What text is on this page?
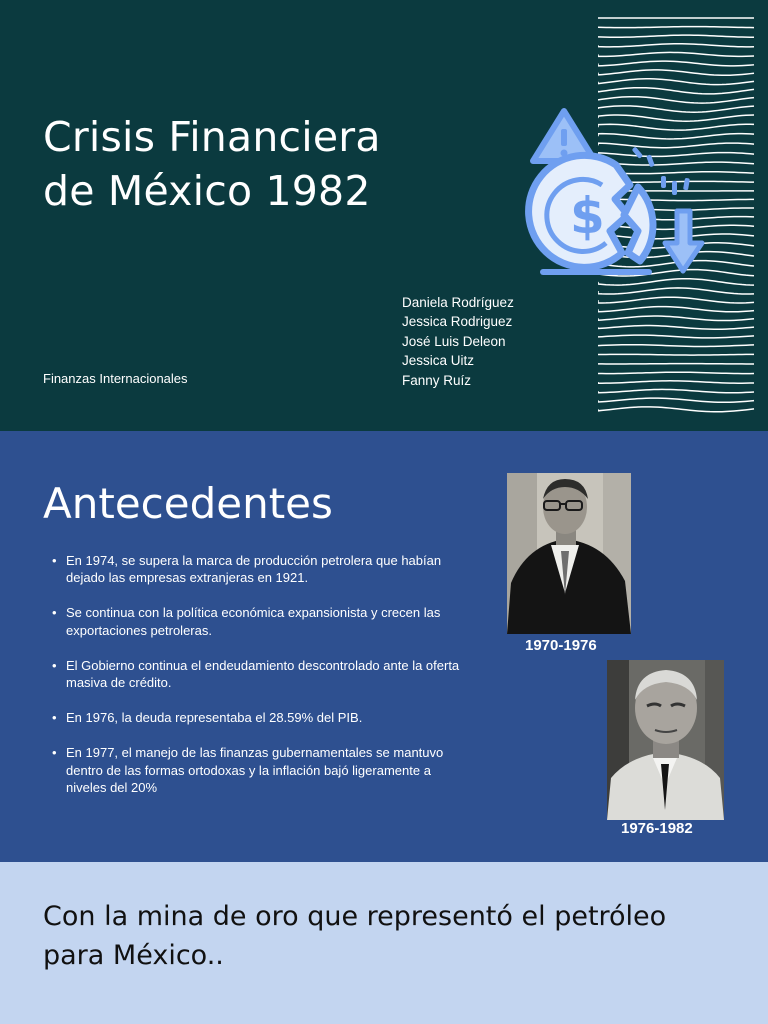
Crisis Financiera
de México 1982	$
Daniela Rodríguez
Jessica Rodriguez
José Luis Deleon
Jessica Uitz
Fanny Ruíz
Finanzas Internacionales
Antecedentes
• En 1974, se supera la marca de producción petrolera que habían dejado las empresas extranjeras en 1921.
• Se continua con la política económica expansionista y crecen las exportaciones petroleras.
• El Gobierno continua el endeudamiento descontrolado ante la oferta masiva de crédito.
• En 1976, la deuda representaba el 28.59% del PIB.
• En 1977, el manejo de las finanzas gubernamentales se mantuvo dentro de las formas ortodoxas y la inflación bajó ligeramente a niveles del 20%
1970-1976
1976-1982

Con la mina de oro que representó el petróleo para México..
